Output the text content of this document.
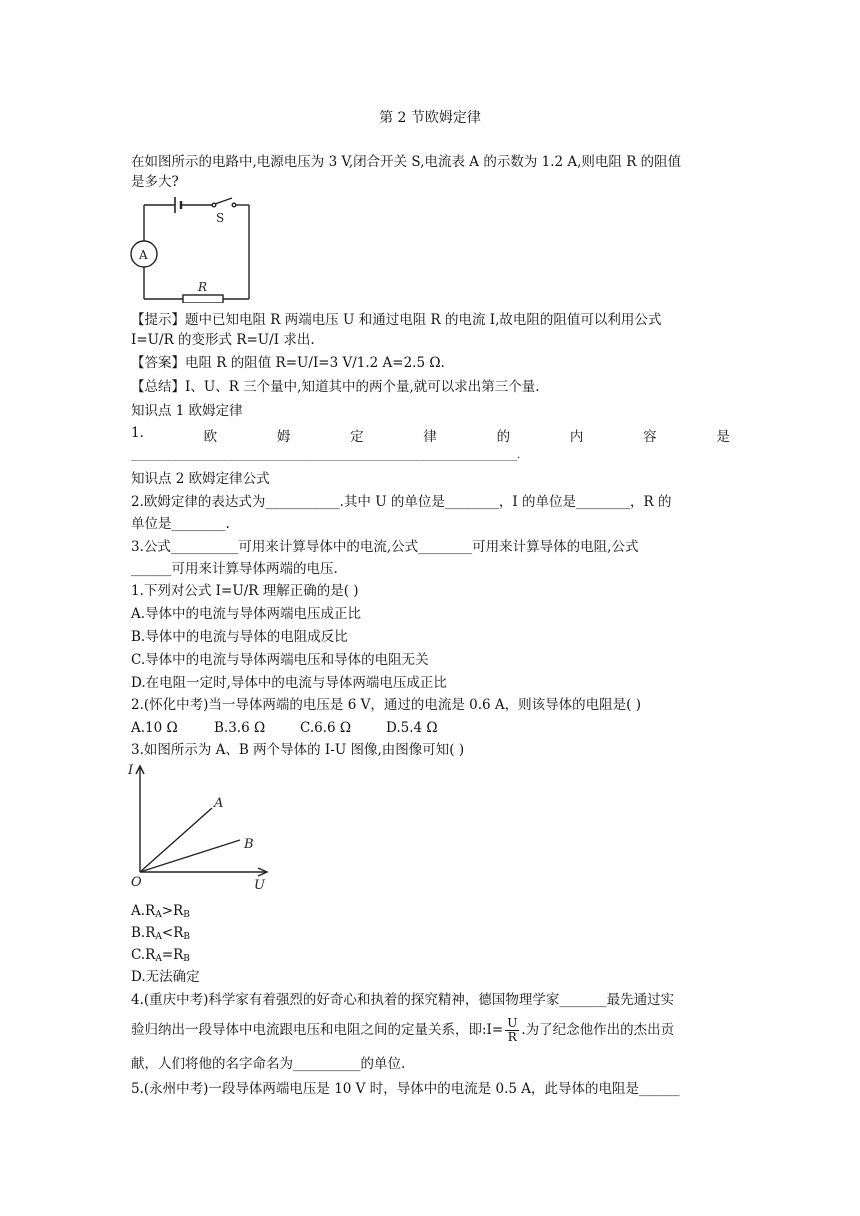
第 2 节欧姆定律
在如图所示的电路中,电源电压为 3 V,闭合开关 S,电流表 A 的示数为 1.2 A,则电阻 R 的阻值
是多大?
S
A
R
【提示】题中已知电阻 R 两端电压 U 和通过电阻 R 的电流 I,故电阻的阻值可以利用公式
I=U/R 的变形式 R=U/I 求出.
【答案】电阻 R 的阻值 R=U/I=3 V/1.2 A=2.5 Ω.
【总结】I、U、R 三个量中,知道其中的两个量,就可以求出第三个量.
知识点 1 欧姆定律
1.	欧	姆	定	律	的	内	容	是
___________________________________________________________________________.
知识点 2 欧姆定律公式
2.欧姆定律的表达式为___________.其中 U 的单位是________，I 的单位是________，R 的
单位是________.
3.公式__________可用来计算导体中的电流,公式________可用来计算导体的电阻,公式
______可用来计算导体两端的电压.
1.下列对公式 I=U/R 理解正确的是( )
A.导体中的电流与导体两端电压成正比
B.导体中的电流与导体的电阻成反比
C.导体中的电流与导体两端电压和导体的电阻无关
D.在电阻一定时,导体中的电流与导体两端电压成正比
2.(怀化中考)当一导体两端的电压是 6 V，通过的电流是 0.6 A，则该导体的电阻是( )
A.10 Ω	B.3.6 Ω	C.6.6 Ω	D.5.4 Ω
3.如图所示为 A、B 两个导体的 I-U 图像,由图像可知( )
I
U
O
A
B
$A.R_A>R_B$
$B.R_A<R_B$
$C.R_A=R_B$
D.无法确定
4.(重庆中考)科学家有着强烈的好奇心和执着的探究精神，德国物理学家_______最先通过实
验归纳出一段导体中电流跟电压和电阻之间的定量关系，即:I= $\frac{U}{R}$ .为了纪念他作出的杰出贡
献，人们将他的名字命名为__________的单位.
5.(永州中考)一段导体两端电压是 10 V 时，导体中的电流是 0.5 A，此导体的电阻是______
